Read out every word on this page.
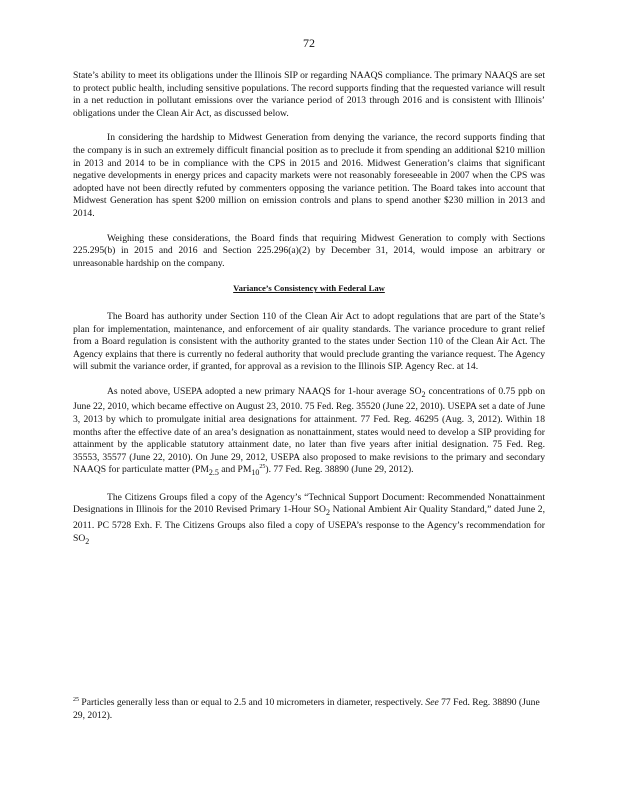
72

State’s ability to meet its obligations under the Illinois SIP or regarding NAAQS compliance. The primary NAAQS are set to protect public health, including sensitive populations. The record supports finding that the requested variance will result in a net reduction in pollutant emissions over the variance period of 2013 through 2016 and is consistent with Illinois’ obligations under the Clean Air Act, as discussed below.

In considering the hardship to Midwest Generation from denying the variance, the record supports finding that the company is in such an extremely difficult financial position as to preclude it from spending an additional $210 million in 2013 and 2014 to be in compliance with the CPS in 2015 and 2016. Midwest Generation’s claims that significant negative developments in energy prices and capacity markets were not reasonably foreseeable in 2007 when the CPS was adopted have not been directly refuted by commenters opposing the variance petition. The Board takes into account that Midwest Generation has spent $200 million on emission controls and plans to spend another $230 million in 2013 and 2014.

Weighing these considerations, the Board finds that requiring Midwest Generation to comply with Sections 225.295(b) in 2015 and 2016 and Section 225.296(a)(2) by December 31, 2014, would impose an arbitrary or unreasonable hardship on the company.

Variance’s Consistency with Federal Law

The Board has authority under Section 110 of the Clean Air Act to adopt regulations that are part of the State’s plan for implementation, maintenance, and enforcement of air quality standards. The variance procedure to grant relief from a Board regulation is consistent with the authority granted to the states under Section 110 of the Clean Air Act. The Agency explains that there is currently no federal authority that would preclude granting the variance request. The Agency will submit the variance order, if granted, for approval as a revision to the Illinois SIP. Agency Rec. at 14.

As noted above, USEPA adopted a new primary NAAQS for 1-hour average $SO_2$ concentrations of 0.75 ppb on June 22, 2010, which became effective on August 23, 2010. 75 Fed. Reg. 35520 (June 22, 2010). USEPA set a date of June 3, 2013 by which to promulgate initial area designations for attainment. 77 Fed. Reg. 46295 (Aug. 3, 2012). Within 18 months after the effective date of an area’s designation as nonattainment, states would need to develop a SIP providing for attainment by the applicable statutory attainment date, no later than five years after initial designation. 75 Fed. Reg. 35553, 35577 (June 22, 2010). On June 29, 2012, USEPA also proposed to make revisions to the primary and secondary NAAQS for particulate matter ($PM_{2.5}$ and $PM_{10}^{25}$). 77 Fed. Reg. 38890 (June 29, 2012).

The Citizens Groups filed a copy of the Agency’s “Technical Support Document: Recommended Nonattainment Designations in Illinois for the 2010 Revised Primary 1-Hour $SO_2$ National Ambient Air Quality Standard,” dated June 2, 2011. PC 5728 Exh. F. The Citizens Groups also filed a copy of USEPA’s response to the Agency’s recommendation for $SO_2$

$^{25}$ Particles generally less than or equal to 2.5 and 10 micrometers in diameter, respectively. See 77 Fed. Reg. 38890 (June 29, 2012).
